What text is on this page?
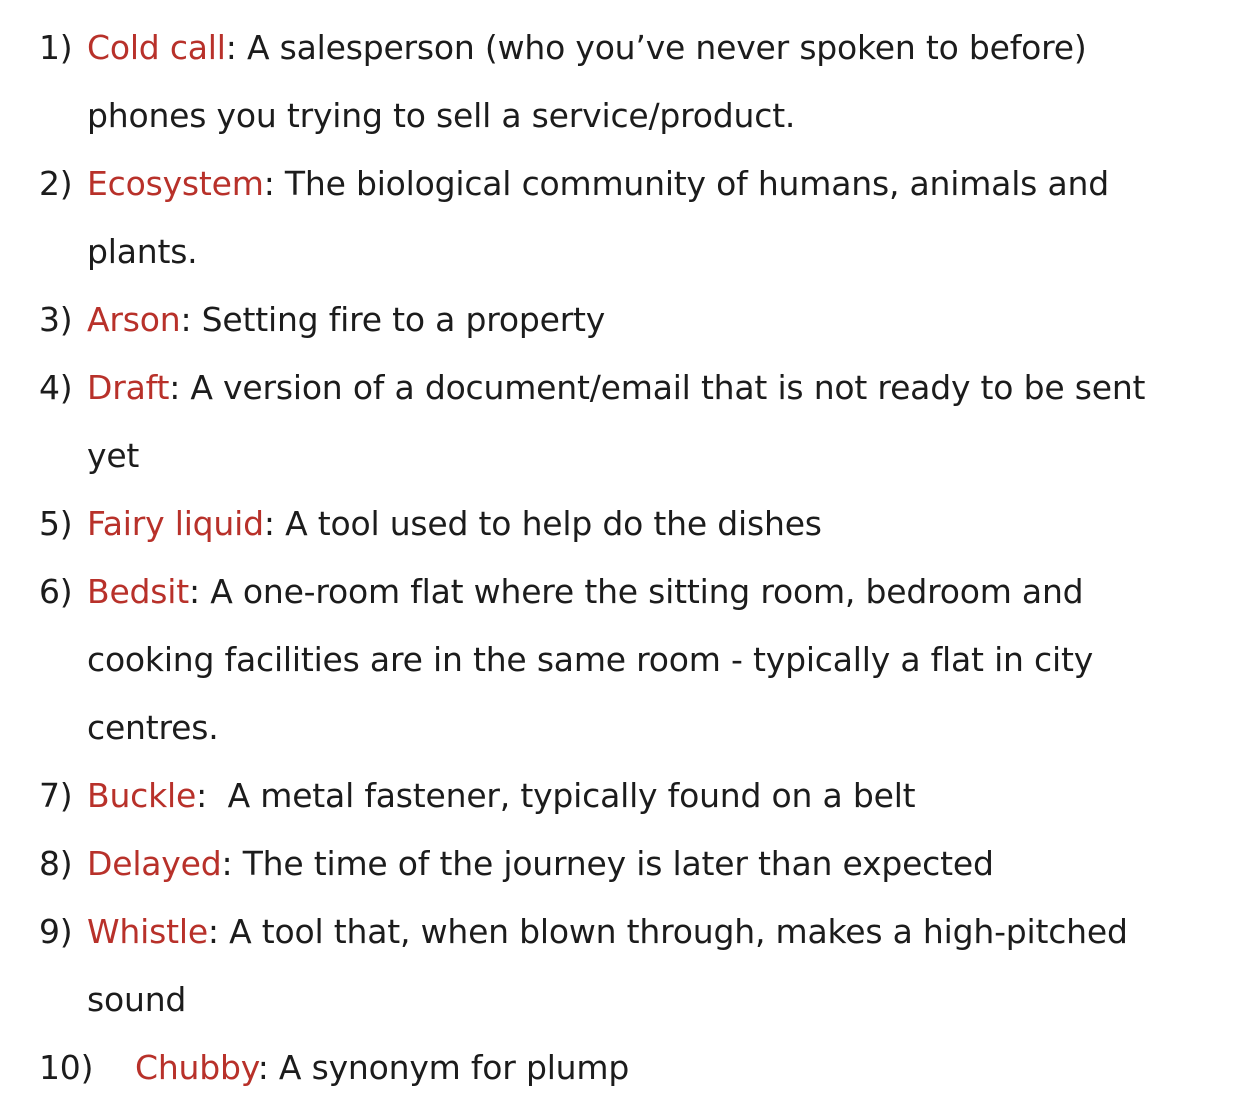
1) Cold call: A salesperson (who you’ve never spoken to before)
phones you trying to sell a service/product.
2) Ecosystem: The biological community of humans, animals and
plants.
3) Arson: Setting fire to a property
4) Draft: A version of a document/email that is not ready to be sent
yet
5) Fairy liquid: A tool used to help do the dishes
6) Bedsit: A one-room flat where the sitting room, bedroom and
cooking facilities are in the same room - typically a flat in city
centres.
7) Buckle:  A metal fastener, typically found on a belt
8) Delayed: The time of the journey is later than expected
9) Whistle: A tool that, when blown through, makes a high-pitched
sound
10) Chubby: A synonym for plump
